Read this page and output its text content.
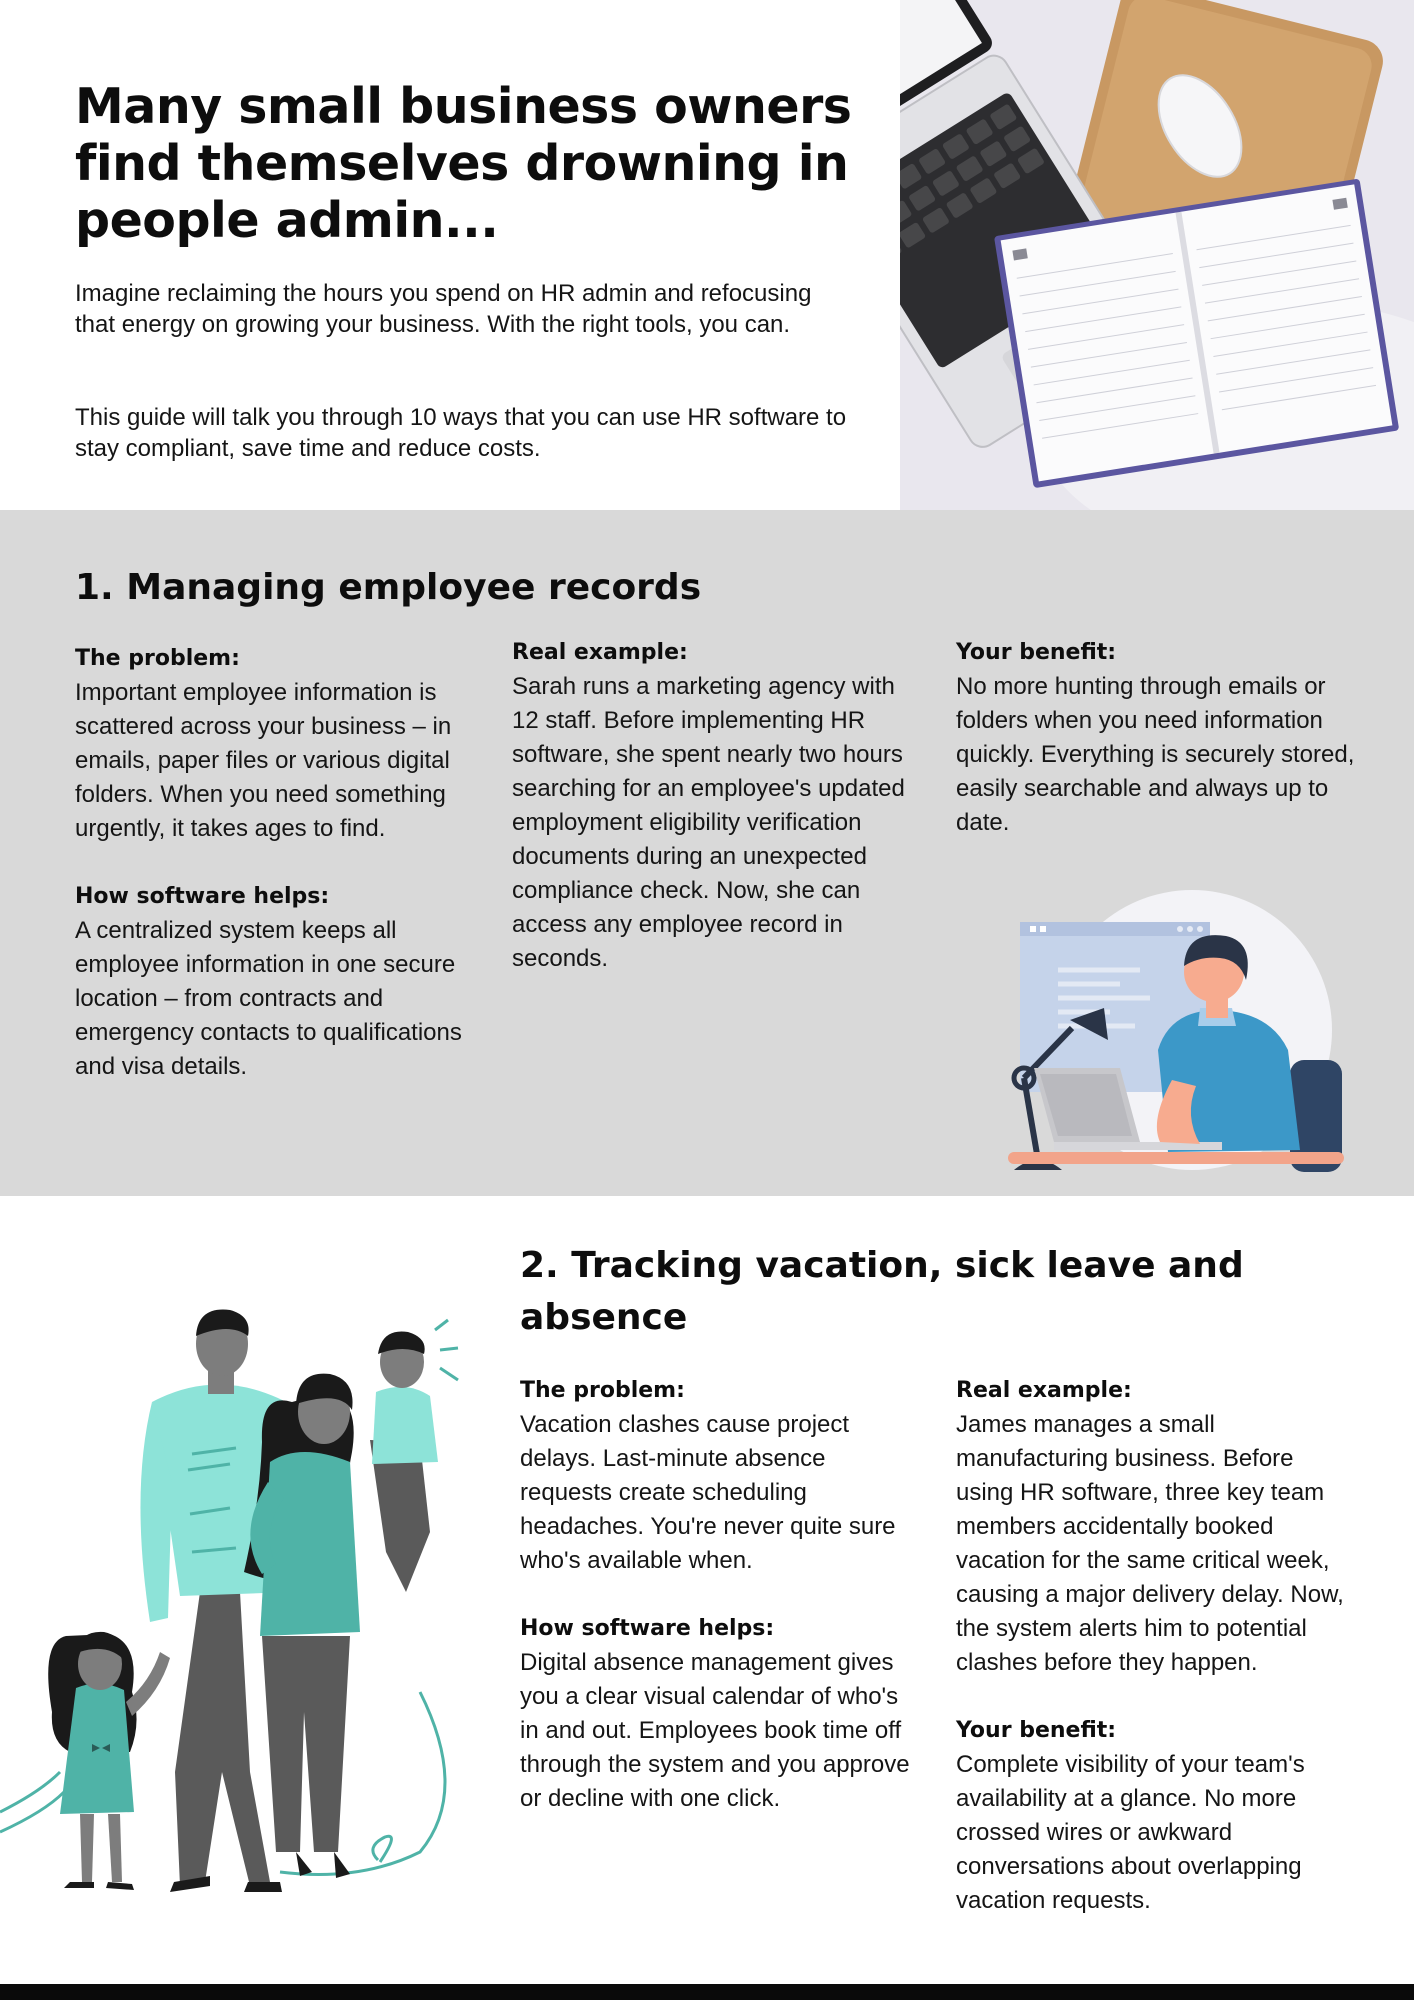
Many small business owners find themselves drowning in people admin...

Imagine reclaiming the hours you spend on HR admin and refocusing that energy on growing your business. With the right tools, you can.

This guide will talk you through 10 ways that you can use HR software to stay compliant, save time and reduce costs.

1. Managing employee records
The problem:

Important employee information is scattered across your business – in emails, paper files or various digital folders. When you need something urgently, it takes ages to find.

How software helps:

A centralized system keeps all employee information in one secure location – from contracts and emergency contacts to qualifications and visa details.

Real example:

Sarah runs a marketing agency with 12 staff. Before implementing HR software, she spent nearly two hours searching for an employee's updated employment eligibility verification documents during an unexpected compliance check. Now, she can access any employee record in seconds.

Your benefit:

No more hunting through emails or folders when you need information quickly. Everything is securely stored, easily searchable and always up to date.

2. Tracking vacation, sick leave and absence
The problem:

Vacation clashes cause project delays. Last-minute absence requests create scheduling headaches. You're never quite sure who's available when.

How software helps:

Digital absence management gives you a clear visual calendar of who's in and out. Employees book time off through the system and you approve or decline with one click.

Real example:

James manages a small manufacturing business. Before using HR software, three key team members accidentally booked vacation for the same critical week, causing a major delivery delay. Now, the system alerts him to potential clashes before they happen.

Your benefit:

Complete visibility of your team's availability at a glance. No more crossed wires or awkward conversations about overlapping vacation requests.
